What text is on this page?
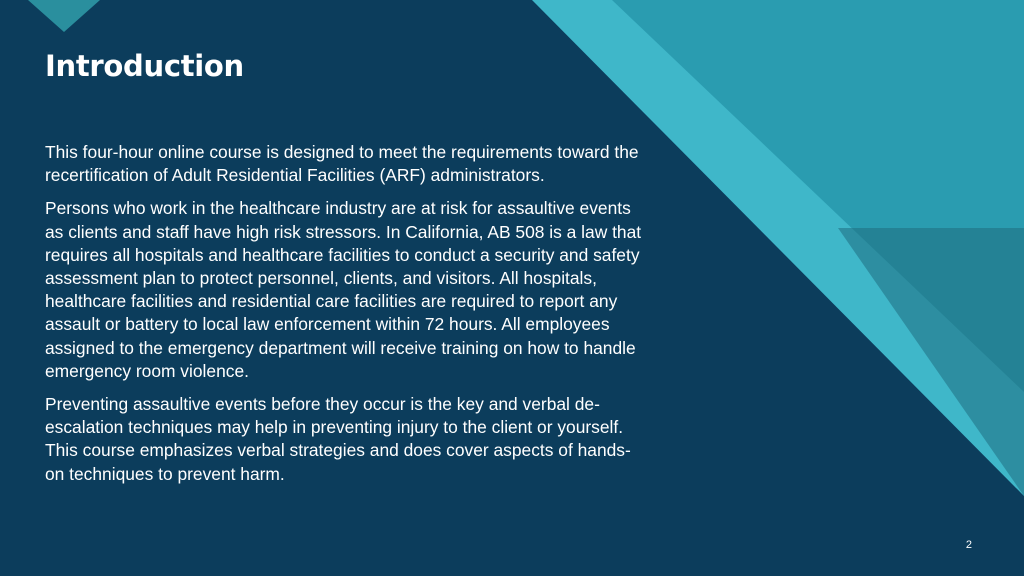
Introduction

This four-hour online course is designed to meet the requirements toward the recertification of Adult Residential Facilities (ARF) administrators.

Persons who work in the healthcare industry are at risk for assaultive events as clients and staff have high risk stressors. In California, AB 508 is a law that requires all hospitals and healthcare facilities to conduct a security and safety assessment plan to protect personnel, clients, and visitors. All hospitals, healthcare facilities and residential care facilities are required to report any assault or battery to local law enforcement within 72 hours. All employees assigned to the emergency department will receive training on how to handle emergency room violence.

Preventing assaultive events before they occur is the key and verbal de-escalation techniques may help in preventing injury to the client or yourself. This course emphasizes verbal strategies and does cover aspects of hands-on techniques to prevent harm.

2
